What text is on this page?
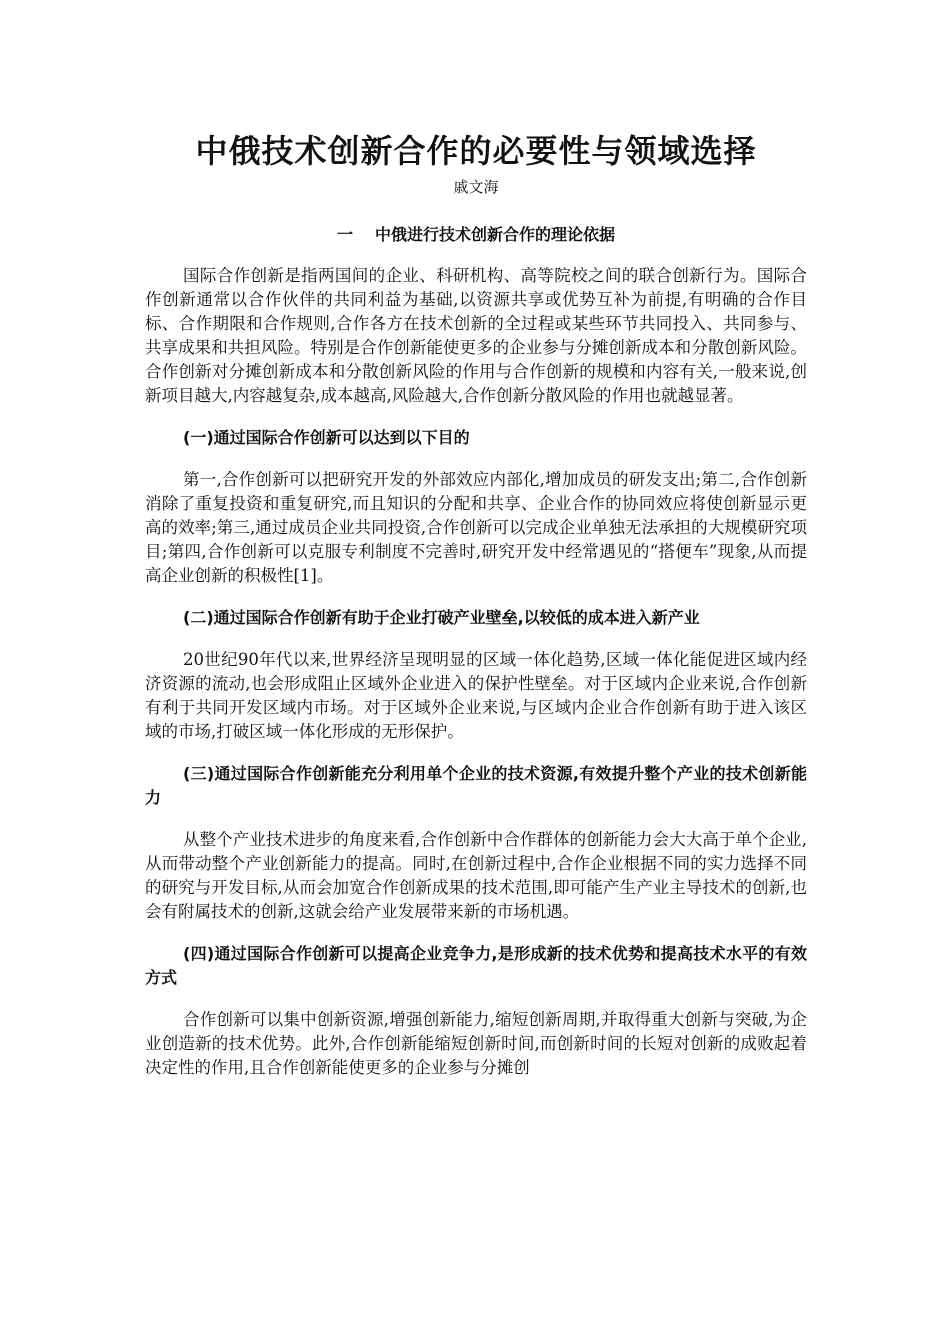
中俄技术创新合作的必要性与领域选择
戚文海
一 中俄进行技术创新合作的理论依据

国际合作创新是指两国间的企业、科研机构、高等院校之间的联合创新行为。国际合作创新通常以合作伙伴的共同利益为基础,以资源共享或优势互补为前提,有明确的合作目标、合作期限和合作规则,合作各方在技术创新的全过程或某些环节共同投入、共同参与、共享成果和共担风险。特别是合作创新能使更多的企业参与分摊创新成本和分散创新风险。合作创新对分摊创新成本和分散创新风险的作用与合作创新的规模和内容有关,一般来说,创新项目越大,内容越复杂,成本越高,风险越大,合作创新分散风险的作用也就越显著。

(一)通过国际合作创新可以达到以下目的

第一,合作创新可以把研究开发的外部效应内部化,增加成员的研发支出;第二,合作创新消除了重复投资和重复研究,而且知识的分配和共享、企业合作的协同效应将使创新显示更高的效率;第三,通过成员企业共同投资,合作创新可以完成企业单独无法承担的大规模研究项目;第四,合作创新可以克服专利制度不完善时,研究开发中经常遇见的“搭便车”现象,从而提高企业创新的积极性[1]。

(二)通过国际合作创新有助于企业打破产业壁垒,以较低的成本进入新产业

20世纪90年代以来,世界经济呈现明显的区域一体化趋势,区域一体化能促进区域内经济资源的流动,也会形成阻止区域外企业进入的保护性壁垒。对于区域内企业来说,合作创新有利于共同开发区域内市场。对于区域外企业来说,与区域内企业合作创新有助于进入该区域的市场,打破区域一体化形成的无形保护。

(三)通过国际合作创新能充分利用单个企业的技术资源,有效提升整个产业的技术创新能力

从整个产业技术进步的角度来看,合作创新中合作群体的创新能力会大大高于单个企业,从而带动整个产业创新能力的提高。同时,在创新过程中,合作企业根据不同的实力选择不同的研究与开发目标,从而会加宽合作创新成果的技术范围,即可能产生产业主导技术的创新,也会有附属技术的创新,这就会给产业发展带来新的市场机遇。

(四)通过国际合作创新可以提高企业竞争力,是形成新的技术优势和提高技术水平的有效方式

合作创新可以集中创新资源,增强创新能力,缩短创新周期,并取得重大创新与突破,为企业创造新的技术优势。此外,合作创新能缩短创新时间,而创新时间的长短对创新的成败起着决定性的作用,且合作创新能使更多的企业参与分摊创
